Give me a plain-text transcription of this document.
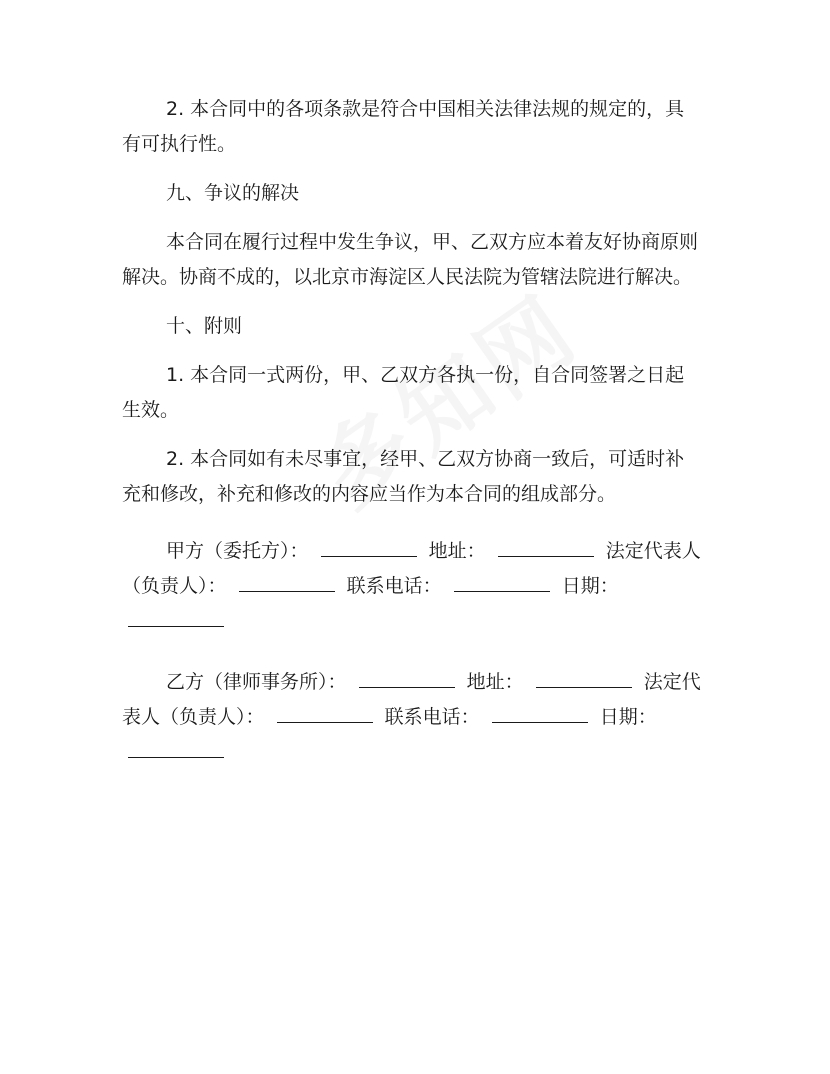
2. 本合同中的各项条款是符合中国相关法律法规的规定的，具有可执行性。

九、争议的解决

本合同在履行过程中发生争议，甲、乙双方应本着友好协商原则解决。协商不成的，以北京市海淀区人民法院为管辖法院进行解决。

十、附则

1. 本合同一式两份，甲、乙双方各执一份，自合同签署之日起生效。

2. 本合同如有未尽事宜，经甲、乙双方协商一致后，可适时补充和修改，补充和修改的内容应当作为本合同的组成部分。

甲方（委托方）：	地址：	法定代表人（负责人）：	联系电话：	日期：

乙方（律师事务所）：	地址：	法定代表人（负责人）：	联系电话：	日期：
